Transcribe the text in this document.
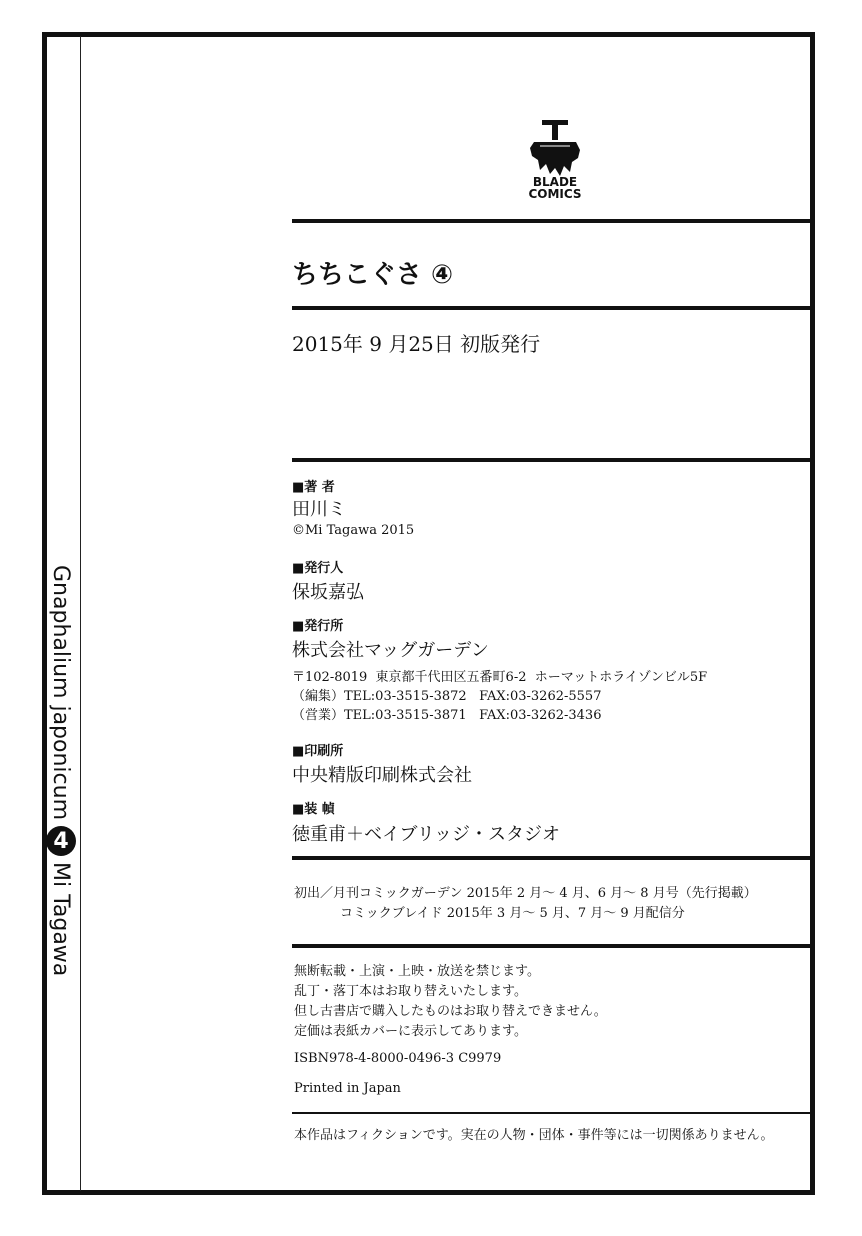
Gnaphalium japonicum
4
Mi Tagawa
BLADE
COMICS
ちちこぐさ ④
2015年 9 月25日 初版発行
■著 者
田川ミ
©Mi Tagawa 2015
■発行人
保坂嘉弘
■発行所
株式会社マッグガーデン
〒102-8019  東京都千代田区五番町6-2  ホーマットホライゾンビル5F
（編集）TEL:03-3515-3872   FAX:03-3262-5557
（営業）TEL:03-3515-3871   FAX:03-3262-3436
■印刷所
中央精版印刷株式会社
■装 幀
徳重甫＋ベイブリッジ・スタジオ
初出／月刊コミックガーデン 2015年 2 月～ 4 月、6 月～ 8 月号（先行掲載）
コミックブレイド 2015年 3 月～ 5 月、7 月～ 9 月配信分
無断転載・上演・上映・放送を禁じます。
乱丁・落丁本はお取り替えいたします。
但し古書店で購入したものはお取り替えできません。
定価は表紙カバーに表示してあります。
ISBN978-4-8000-0496-3 C9979
Printed in Japan
本作品はフィクションです。実在の人物・団体・事件等には一切関係ありません。
